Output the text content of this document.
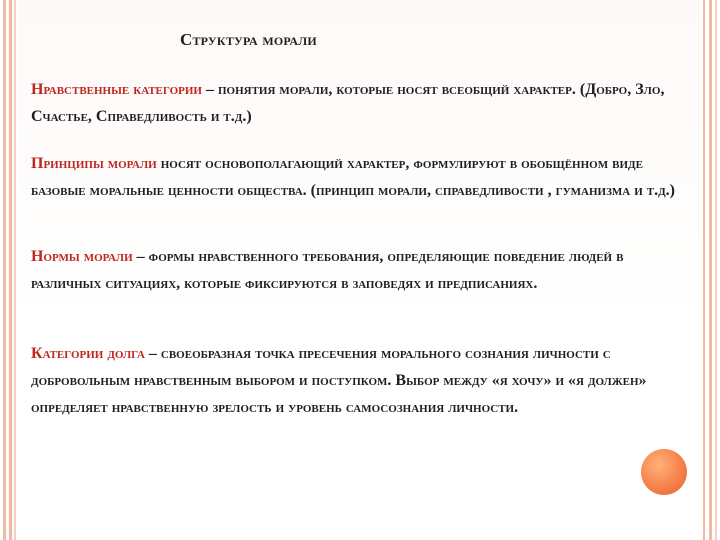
Структура морали
Нравственные категории – понятия морали, которые носят всеобщий характер. (Добро, Зло, Счастье, Справедливость и т.д.)
Принципы морали носят основополагающий характер, формулируют в обобщённом виде базовые моральные ценности общества. (принцип морали, справедливости , гуманизма и т.д.)
Нормы морали – формы нравственного требования, определяющие поведение людей в различных ситуациях, которые фиксируются в заповедях и предписаниях.
Категории долга – своеобразная точка пресечения морального сознания личности с добровольным нравственным выбором и поступком. Выбор между «я хочу» и «я должен» определяет нравственную зрелость и уровень самосознания личности.
